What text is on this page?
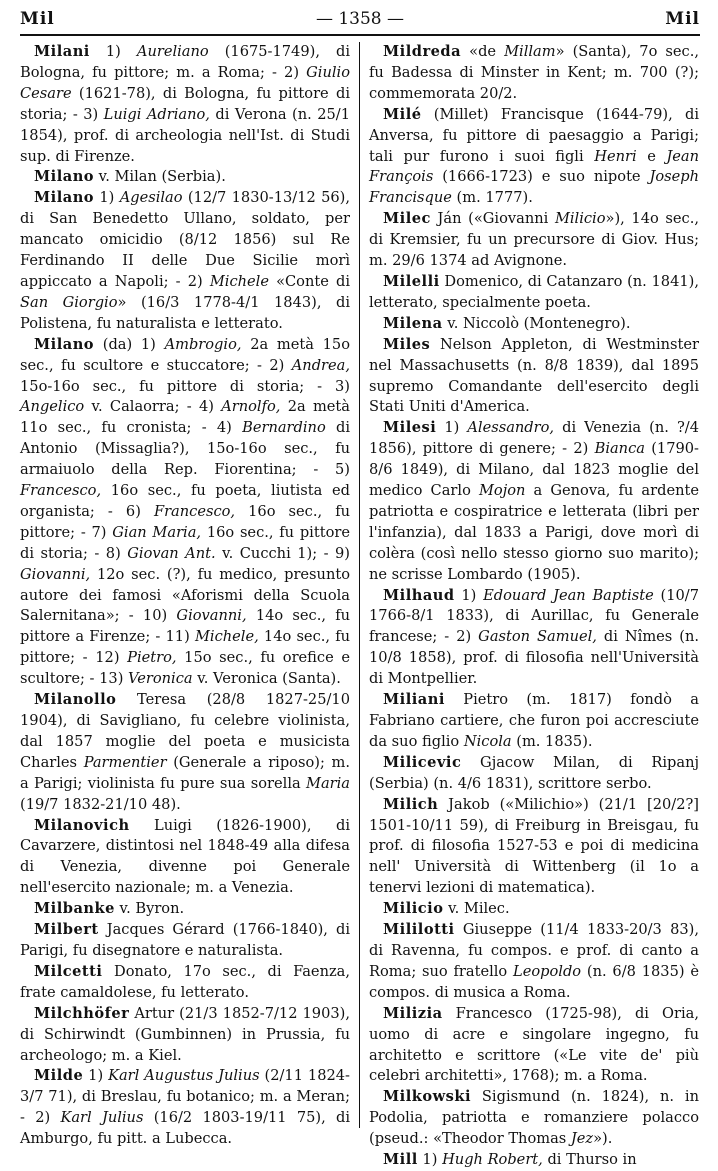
Mil	— 1358 —	Mil

Milani 1) Aureliano (1675-1749), di Bologna, fu pittore; m. a Roma; - 2) Giulio Cesare (1621-78), di Bologna, fu pittore di storia; - 3) Luigi Adriano, di Verona (n. 25/1 1854), prof. di archeologia nell'Ist. di Studi sup. di Firenze.

Milano v. Milan (Serbia).

Milano 1) Agesilao (12/7 1830-13/12 56), di San Benedetto Ullano, soldato, per mancato omicidio (8/12 1856) sul Re Ferdinando II delle Due Sicilie morì appiccato a Napoli; - 2) Michele «Conte di San Giorgio» (16/3 1778-4/1 1843), di Polistena, fu naturalista e letterato.

Milano (da) 1) Ambrogio, 2a metà 15o sec., fu scultore e stuccatore; - 2) Andrea, 15o-16o sec., fu pittore di storia; - 3) Angelico v. Calaorra; - 4) Arnolfo, 2a metà 11o sec., fu cronista; - 4) Bernardino di Antonio (Missaglia?), 15o-16o sec., fu armaiuolo della Rep. Fiorentina; - 5) Francesco, 16o sec., fu poeta, liutista ed organista; - 6) Francesco, 16o sec., fu pittore; - 7) Gian Maria, 16o sec., fu pittore di storia; - 8) Giovan Ant. v. Cucchi 1); - 9) Giovanni, 12o sec. (?), fu medico, presunto autore dei famosi «Aforismi della Scuola Salernitana»; - 10) Giovanni, 14o sec., fu pittore a Firenze; - 11) Michele, 14o sec., fu pittore; - 12) Pietro, 15o sec., fu orefice e scultore; - 13) Veronica v. Veronica (Santa).

Milanollo Teresa (28/8 1827-25/10 1904), di Savigliano, fu celebre violinista, dal 1857 moglie del poeta e musicista Charles Parmentier (Generale a riposo); m. a Parigi; violinista fu pure sua sorella Maria (19/7 1832-21/10 48).

Milanovich Luigi (1826-1900), di Cavarzere, distintosi nel 1848-49 alla difesa di Venezia, divenne poi Generale nell'esercito nazionale; m. a Venezia.

Milbanke v. Byron.

Milbert Jacques Gérard (1766-1840), di Parigi, fu disegnatore e naturalista.

Milcetti Donato, 17o sec., di Faenza, frate camaldolese, fu letterato.

Milchhöfer Artur (21/3 1852-7/12 1903), di Schirwindt (Gumbinnen) in Prussia, fu archeologo; m. a Kiel.

Milde 1) Karl Augustus Julius (2/11 1824-3/7 71), di Breslau, fu botanico; m. a Meran; - 2) Karl Julius (16/2 1803-19/11 75), di Amburgo, fu pitt. a Lubecca.

Mildreda «de Millam» (Santa), 7o sec., fu Badessa di Minster in Kent; m. 700 (?); commemorata 20/2.

Milé (Millet) Francisque (1644-79), di Anversa, fu pittore di paesaggio a Parigi; tali pur furono i suoi figli Henri e Jean François (1666-1723) e suo nipote Joseph Francisque (m. 1777).

Milec Ján («Giovanni Milicio»), 14o sec., di Kremsier, fu un precursore di Giov. Hus; m. 29/6 1374 ad Avignone.

Milelli Domenico, di Catanzaro (n. 1841), letterato, specialmente poeta.

Milena v. Niccolò (Montenegro).

Miles Nelson Appleton, di Westminster nel Massachusetts (n. 8/8 1839), dal 1895 supremo Comandante dell'esercito degli Stati Uniti d'America.

Milesi 1) Alessandro, di Venezia (n. ?/4 1856), pittore di genere; - 2) Bianca (1790-8/6 1849), di Milano, dal 1823 moglie del medico Carlo Mojon a Genova, fu ardente patriotta e cospiratrice e letterata (libri per l'infanzia), dal 1833 a Parigi, dove morì di colèra (così nello stesso giorno suo marito); ne scrisse Lombardo (1905).

Milhaud 1) Edouard Jean Baptiste (10/7 1766-8/1 1833), di Aurillac, fu Generale francese; - 2) Gaston Samuel, di Nîmes (n. 10/8 1858), prof. di filosofia nell'Università di Montpellier.

Miliani Pietro (m. 1817) fondò a Fabriano cartiere, che furon poi accresciute da suo figlio Nicola (m. 1835).

Milicevic Gjacow Milan, di Ripanj (Serbia) (n. 4/6 1831), scrittore serbo.

Milich Jakob («Milichio») (21/1 [20/2?] 1501-10/11 59), di Freiburg in Breisgau, fu prof. di filosofia 1527-53 e poi di medicina nell' Università di Wittenberg (il 1o a tenervi lezioni di matematica).

Milicio v. Milec.

Mililotti Giuseppe (11/4 1833-20/3 83), di Ravenna, fu compos. e prof. di canto a Roma; suo fratello Leopoldo (n. 6/8 1835) è compos. di musica a Roma.

Milizia Francesco (1725-98), di Oria, uomo di acre e singolare ingegno, fu architetto e scrittore («Le vite de' più celebri architetti», 1768); m. a Roma.

Milkowski Sigismund (n. 1824), n. in Podolia, patriotta e romanziere polacco (pseud.: «Theodor Thomas Jez»).

Mill 1) Hugh Robert, di Thurso in
